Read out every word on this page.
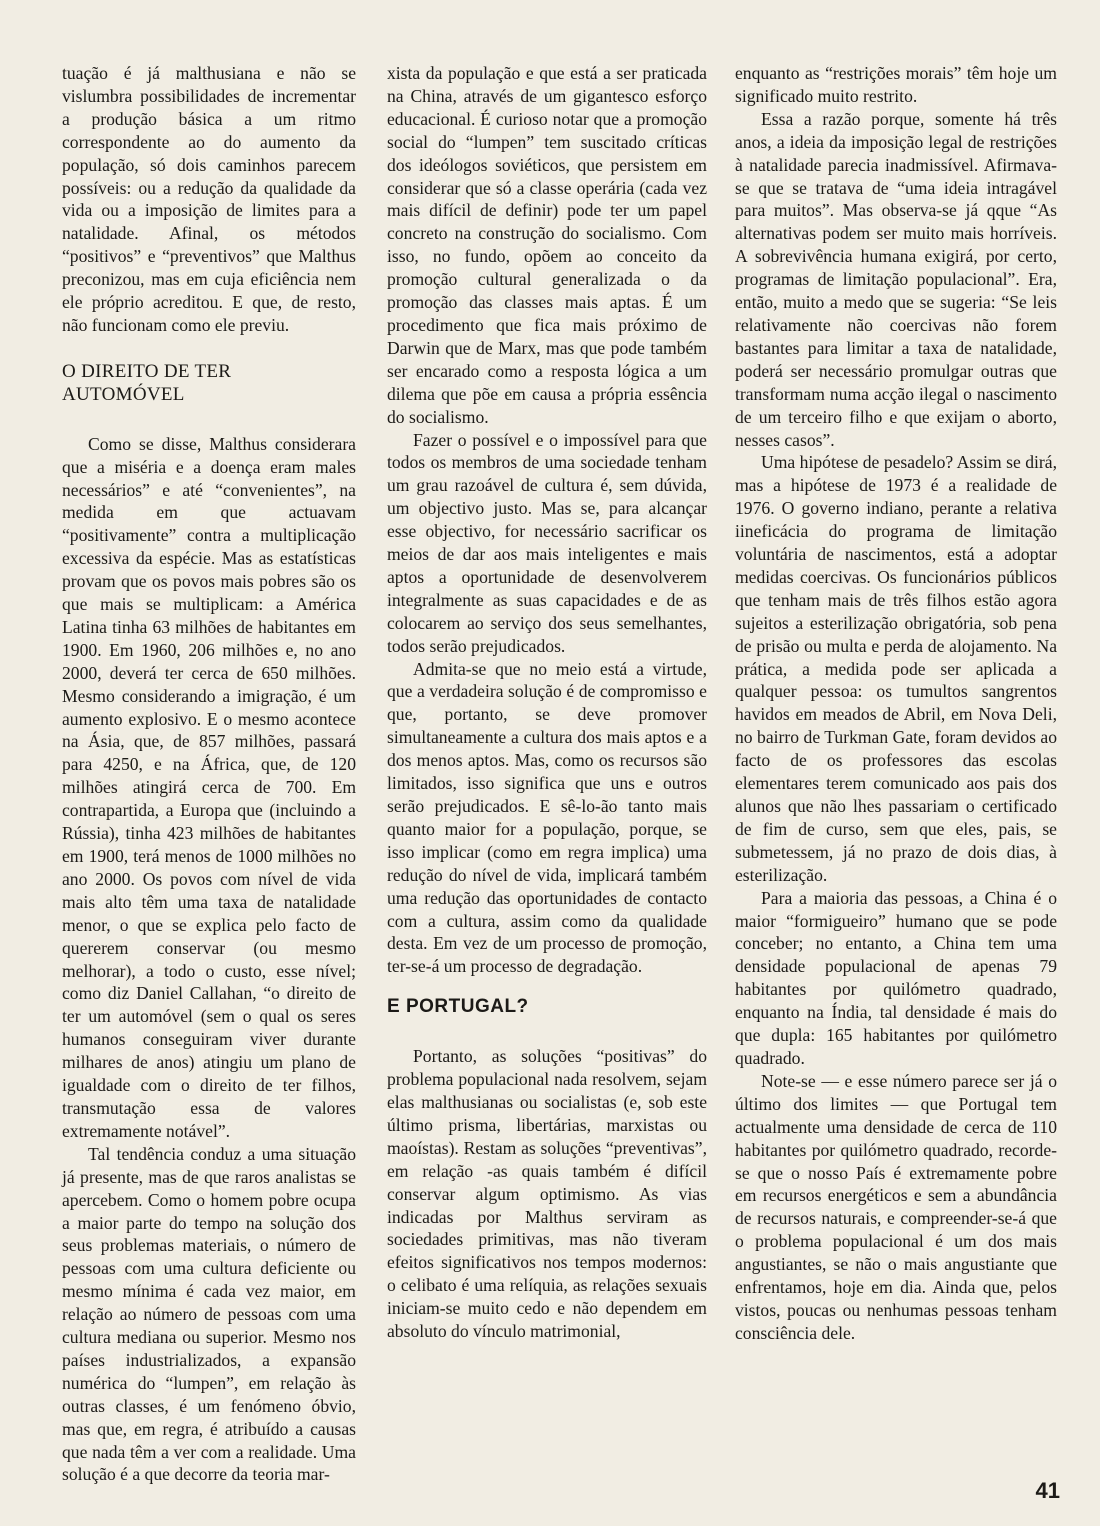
tuação é já malthusiana e não se vislumbra possibilidades de incrementar a produção básica a um ritmo correspondente ao do aumento da população, só dois caminhos parecem possíveis: ou a redução da qualidade da vida ou a imposição de limites para a natalidade. Afinal, os métodos “positivos” e “preventivos” que Malthus preconizou, mas em cuja eficiência nem ele próprio acreditou. E que, de resto, não funcionam como ele previu.

O DIREITO DE TER AUTOMÓVEL

Como se disse, Malthus considerara que a miséria e a doença eram males necessários” e até “convenientes”, na medida em que actuavam “positivamente” contra a multiplicação excessiva da espécie. Mas as estatísticas provam que os povos mais pobres são os que mais se multiplicam: a América Latina tinha 63 milhões de habitantes em 1900. Em 1960, 206 milhões e, no ano 2000, deverá ter cerca de 650 milhões. Mesmo considerando a imigração, é um aumento explosivo. E o mesmo acontece na Ásia, que, de 857 milhões, passará para 4250, e na África, que, de 120 milhões atingirá cerca de 700. Em contrapartida, a Europa que (incluindo a Rússia), tinha 423 milhões de habitantes em 1900, terá menos de 1000 milhões no ano 2000. Os povos com nível de vida mais alto têm uma taxa de natalidade menor, o que se explica pelo facto de quererem conservar (ou mesmo melhorar), a todo o custo, esse nível; como diz Daniel Callahan, “o direito de ter um automóvel (sem o qual os seres humanos conseguiram viver durante milhares de anos) atingiu um plano de igualdade com o direito de ter filhos, transmutação essa de valores extremamente notável”.

Tal tendência conduz a uma situação já presente, mas de que raros analistas se apercebem. Como o homem pobre ocupa a maior parte do tempo na solução dos seus problemas materiais, o número de pessoas com uma cultura deficiente ou mesmo mínima é cada vez maior, em relação ao número de pessoas com uma cultura mediana ou superior. Mesmo nos países industrializados, a expansão numérica do “lumpen”, em relação às outras classes, é um fenómeno óbvio, mas que, em regra, é atribuído a causas que nada têm a ver com a realidade. Uma solução é a que decorre da teoria mar-

xista da população e que está a ser praticada na China, através de um gigantesco esforço educacional. É curioso notar que a promoção social do “lumpen” tem suscitado críticas dos ideólogos soviéticos, que persistem em considerar que só a classe operária (cada vez mais difícil de definir) pode ter um papel concreto na construção do socialismo. Com isso, no fundo, opõem ao conceito da promoção cultural generalizada o da promoção das classes mais aptas. É um procedimento que fica mais próximo de Darwin que de Marx, mas que pode também ser encarado como a resposta lógica a um dilema que põe em causa a própria essência do socialismo.

Fazer o possível e o impossível para que todos os membros de uma sociedade tenham um grau razoável de cultura é, sem dúvida, um objectivo justo. Mas se, para alcançar esse objectivo, for necessário sacrificar os meios de dar aos mais inteligentes e mais aptos a oportunidade de desenvolverem integralmente as suas capacidades e de as colocarem ao serviço dos seus semelhantes, todos serão prejudicados.

Admita-se que no meio está a virtude, que a verdadeira solução é de compromisso e que, portanto, se deve promover simultaneamente a cultura dos mais aptos e a dos menos aptos. Mas, como os recursos são limitados, isso significa que uns e outros serão prejudicados. E sê-lo-ão tanto mais quanto maior for a população, porque, se isso implicar (como em regra implica) uma redução do nível de vida, implicará também uma redução das oportunidades de contacto com a cultura, assim como da qualidade desta. Em vez de um processo de promoção, ter-se-á um processo de degradação.

E PORTUGAL?

Portanto, as soluções “positivas” do problema populacional nada resolvem, sejam elas malthusianas ou socialistas (e, sob este último prisma, libertárias, marxistas ou maoístas). Restam as soluções “preventivas”, em relação -as quais também é difícil conservar algum optimismo. As vias indicadas por Malthus serviram as sociedades primitivas, mas não tiveram efeitos significativos nos tempos modernos: o celibato é uma relíquia, as relações sexuais iniciam-se muito cedo e não dependem em absoluto do vínculo matrimonial,

enquanto as “restrições morais” têm hoje um significado muito restrito.

Essa a razão porque, somente há três anos, a ideia da imposição legal de restrições à natalidade parecia inadmissível. Afirmava-se que se tratava de “uma ideia intragável para muitos”. Mas observa-se já qque “As alternativas podem ser muito mais horríveis. A sobrevivência humana exigirá, por certo, programas de limitação populacional”. Era, então, muito a medo que se sugeria: “Se leis relativamente não coercivas não forem bastantes para limitar a taxa de natalidade, poderá ser necessário promulgar outras que transformam numa acção ilegal o nascimento de um terceiro filho e que exijam o aborto, nesses casos”.

Uma hipótese de pesadelo? Assim se dirá, mas a hipótese de 1973 é a realidade de 1976. O governo indiano, perante a relativa iineficácia do programa de limitação voluntária de nascimentos, está a adoptar medidas coercivas. Os funcionários públicos que tenham mais de três filhos estão agora sujeitos a esterilização obrigatória, sob pena de prisão ou multa e perda de alojamento. Na prática, a medida pode ser aplicada a qualquer pessoa: os tumultos sangrentos havidos em meados de Abril, em Nova Deli, no bairro de Turkman Gate, foram devidos ao facto de os professores das escolas elementares terem comunicado aos pais dos alunos que não lhes passariam o certificado de fim de curso, sem que eles, pais, se submetessem, já no prazo de dois dias, à esterilização.

Para a maioria das pessoas, a China é o maior “formigueiro” humano que se pode conceber; no entanto, a China tem uma densidade populacional de apenas 79 habitantes por quilómetro quadrado, enquanto na Índia, tal densidade é mais do que dupla: 165 habitantes por quilómetro quadrado.

Note-se — e esse número parece ser já o último dos limites — que Portugal tem actualmente uma densidade de cerca de 110 habitantes por quilómetro quadrado, recorde-se que o nosso País é extremamente pobre em recursos energéticos e sem a abundância de recursos naturais, e compreender-se-á que o problema populacional é um dos mais angustiantes, se não o mais angustiante que enfrentamos, hoje em dia. Ainda que, pelos vistos, poucas ou nenhumas pessoas tenham consciência dele.

41
